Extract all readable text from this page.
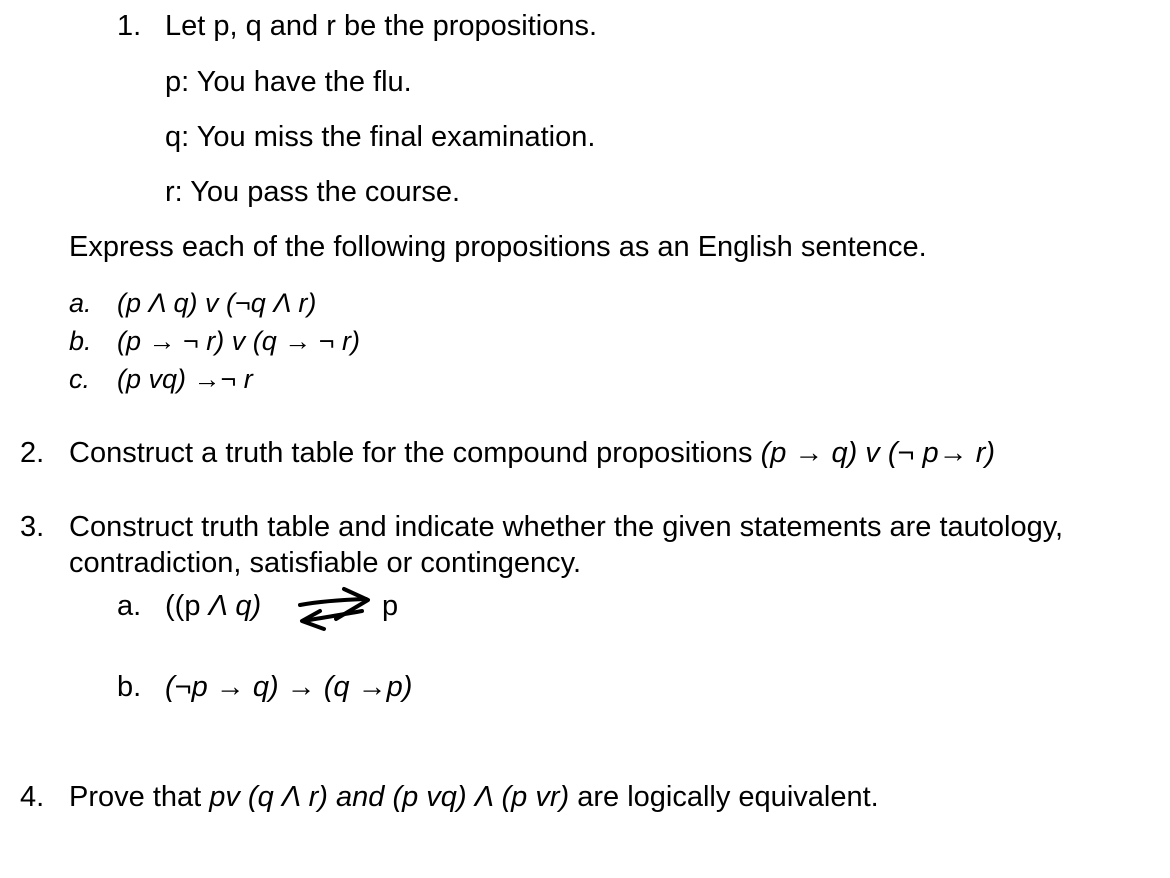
1. Let p, q and r be the propositions.
p: You have the flu.
q: You miss the final examination.
r: You pass the course.
Express each of the following propositions as an English sentence.
a. (p Λ q) ᴠ (¬q Λ r)
b. (p → ¬ r) ᴠ (q → ¬ r)
c. (p ᴠq) →¬ r
2. Construct a truth table for the compound propositions (p → q) ᴠ (¬ p→ r)
3. Construct truth table and indicate whether the given statements are tautology,
contradiction, satisfiable or contingency.
a. ((p Λ q)	p
b. (¬p → q) → (q →p)
4. Prove that pᴠ (q Λ r) and (p ᴠq) Λ (p ᴠr) are logically equivalent.
